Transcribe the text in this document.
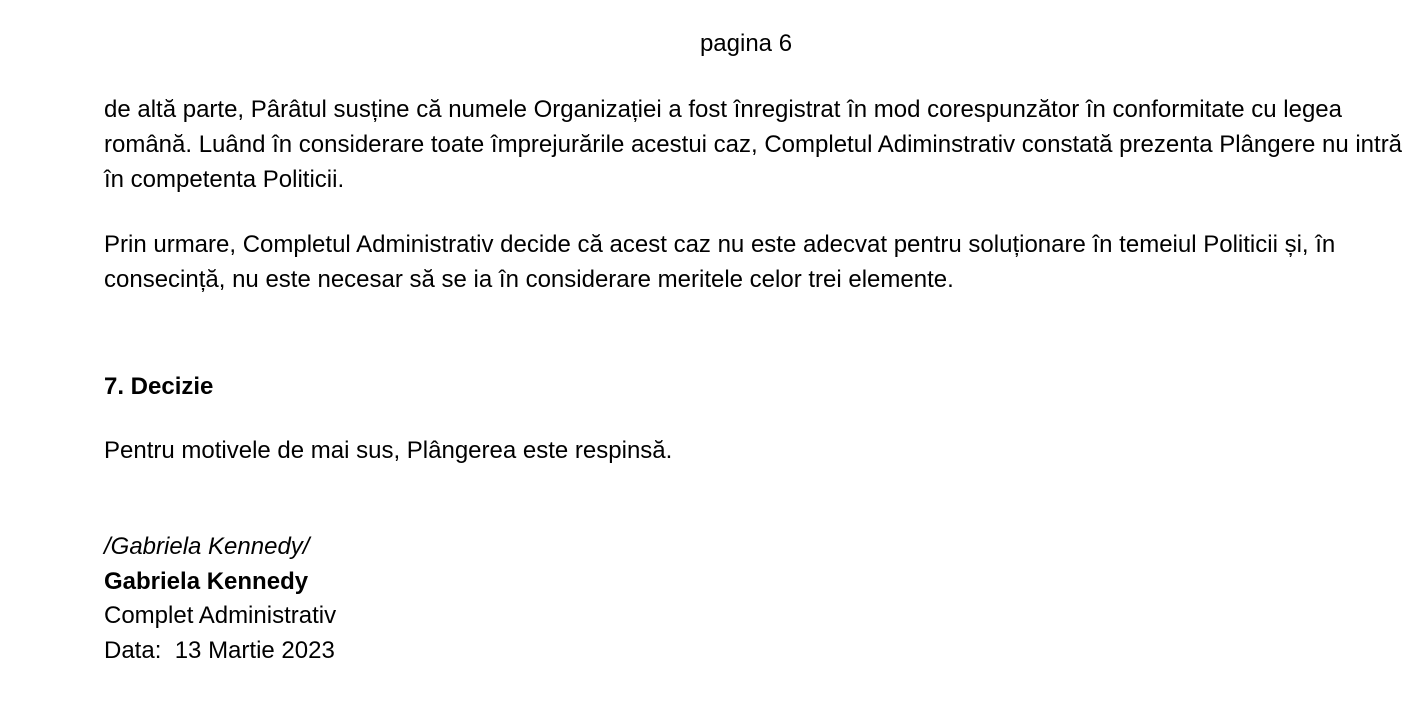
pagina 6

de altă parte, Pârâtul susține că numele Organizației a fost înregistrat în mod corespunzător în conformitate cu legea română. Luând în considerare toate împrejurările acestui caz, Completul Adiminstrativ constată prezenta Plângere nu intră în competenta Politicii.

Prin urmare, Completul Administrativ decide că acest caz nu este adecvat pentru soluționare în temeiul Politicii și, în consecință, nu este necesar să se ia în considerare meritele celor trei elemente.

7. Decizie

Pentru motivele de mai sus, Plângerea este respinsă.

/Gabriela Kennedy/
Gabriela Kennedy
Complet Administrativ
Data:  13 Martie 2023
